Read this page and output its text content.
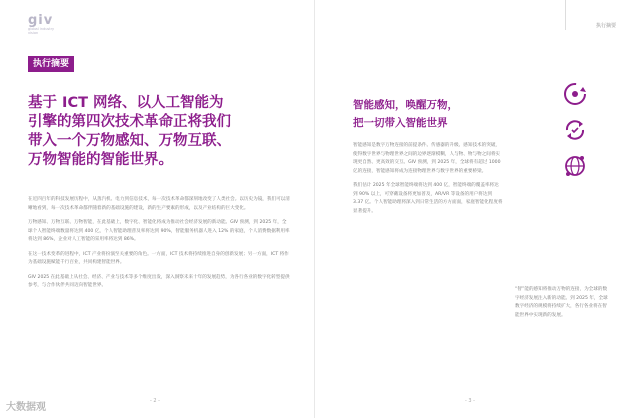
giv
global industry vision
执行摘要
基于 ICT 网络、以人工智能为
引擎的第四次技术革命正将我们
带入一个万物感知、万物互联、
万物智能的智能世界。

在近四百年的科技发展历程中，从蒸汽机、电力到信息技术，每一次技术革命都深刻地改变了人类社会。以历史为镜，我们可以清晰地看到，每一次技术革命都伴随着新的基础设施的建设，新的生产要素的形成，以及产业结构的巨大变化。

万物感知、万物互联、万物智能，在此基础上，数字化、智能化将成为推动社会经济发展的新动能。GIV 预测，到 2025 年，全球个人智能终端数量将达到 400 亿，个人智能助理普及率将达到 90%，智能服务机器人进入 12% 的家庭，个人消费数据利用率将达到 86%，企业对人工智能的采用率将达到 86%。

在这一技术变革的进程中，ICT 产业将扮演至关重要的角色。一方面，ICT 技术将持续推进自身的创新发展；另一方面，ICT 将作为基础设施赋能千行百业，共同构建智能世界。

GIV 2025 在此基础上从社会、经济、产业与技术等多个维度出发，深入洞察未来十年的发展趋势，为各行各业的数字化转型提供参考，与合作伙伴共同迈向智能世界。

- 2 -
执行摘要
智能感知，唤醒万物，
把一切带入智能世界

智能感知是数字万物连接的前提条件。传感器的升级、感知技术的突破，使得数字世界与物理世界之间的边界逐渐模糊，人与物、物与物之间将实现更自然、更高效的交互。GIV 预测，到 2025 年，全球将有超过 1000 亿的连接，智能感知将成为连接物理世界与数字世界的重要桥梁。

我们估计 2025 年全球智能终端将达到 400 亿，智能终端的覆盖率将达到 90% 以上，可穿戴设备将更加普及，AR/VR 等设备的用户将达到 3.37 亿。个人智能助理将深入到日常生活的方方面面，家庭智能化程度将显著提升。

“智”能的感知将推动万物的连接，为全球的数字经济发展注入新的动能。到 2025 年，全球数字经济的规模将持续扩大，各行各业将在智能世界中实现新的发展。
- 3 -
大数据观
